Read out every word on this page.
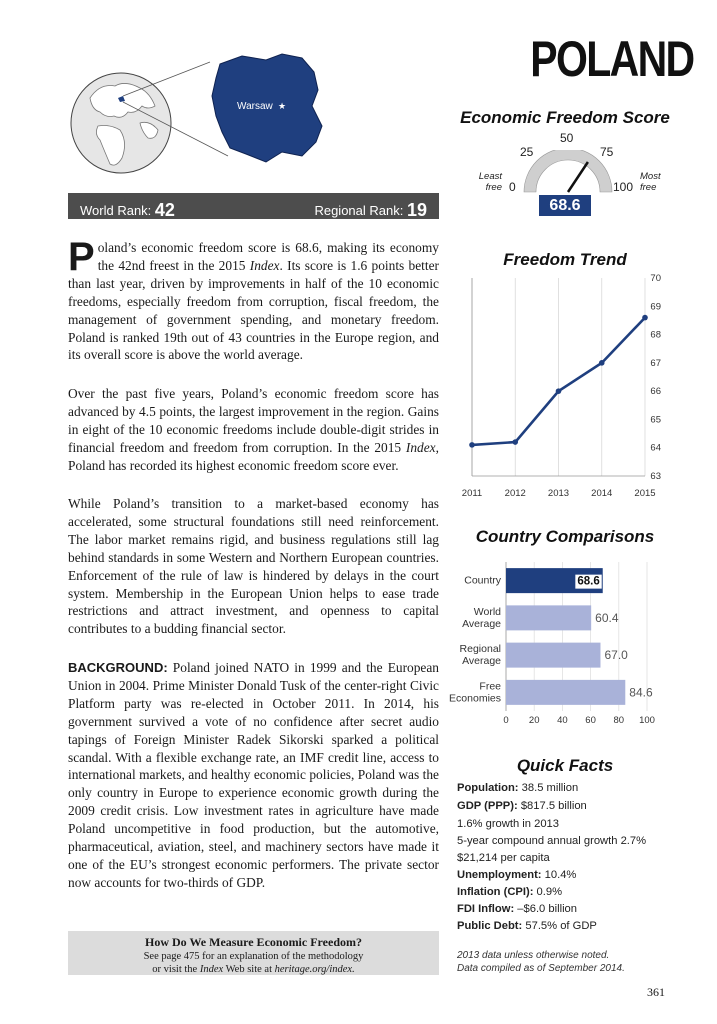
POLAND
Warsaw ★
World Rank: 42	Regional Rank: 19

Poland’s economic freedom score is 68.6, making its economy the 42nd freest in the 2015 Index. Its score is 1.6 points better than last year, driven by improvements in half of the 10 economic freedoms, especially freedom from corruption, fiscal freedom, the management of government spending, and monetary freedom. Poland is ranked 19th out of 43 countries in the Europe region, and its overall score is above the world average.

Over the past five years, Poland’s economic freedom score has advanced by 4.5 points, the largest improvement in the region. Gains in eight of the 10 economic freedoms include double-digit strides in financial freedom and freedom from corruption. In the 2015 Index, Poland has recorded its highest economic freedom score ever.

While Poland’s transition to a market-based economy has accelerated, some structural foundations still need reinforcement. The labor market remains rigid, and business regulations still lag behind standards in some Western and Northern European countries. Enforcement of the rule of law is hindered by delays in the court system. Membership in the European Union helps to ease trade restrictions and attract investment, and openness to capital contributes to a budding financial sector.

BACKGROUND: Poland joined NATO in 1999 and the European Union in 2004. Prime Minister Donald Tusk of the center-right Civic Platform party was re-elected in October 2011. In 2014, his government survived a vote of no confidence after secret audio tapings of Foreign Minister Radek Sikorski sparked a political scandal. With a flexible exchange rate, an IMF credit line, access to international markets, and healthy economic policies, Poland was the only country in Europe to experience economic growth during the 2009 credit crisis. Low investment rates in agriculture have made Poland uncompetitive in food production, but the automotive, pharmaceutical, aviation, steel, and machinery sectors have made it one of the EU’s strongest economic performers. The private sector now accounts for two-thirds of GDP.

How Do We Measure Economic Freedom?
See page 475 for an explanation of the methodology
or visit the Index Web site at heritage.org/index.
Economic Freedom Score
0
25
50
75
100
Least
free
Most
free
68.6
Freedom Trend
63
64
65
66
67
68
69
70
2011 2012 2013 2014 2015
Country Comparisons
0 20 40 60 80 100
Country	68.6
World Average	60.4
Regional Average	67.0
Free Economies	84.6
Quick Facts
Population: 38.5 million
GDP (PPP): $817.5 billion
1.6% growth in 2013
5-year compound annual growth 2.7%
$21,214 per capita
Unemployment: 10.4%
Inflation (CPI): 0.9%
FDI Inflow: –$6.0 billion
Public Debt: 57.5% of GDP
2013 data unless otherwise noted.
Data compiled as of September 2014.
361
